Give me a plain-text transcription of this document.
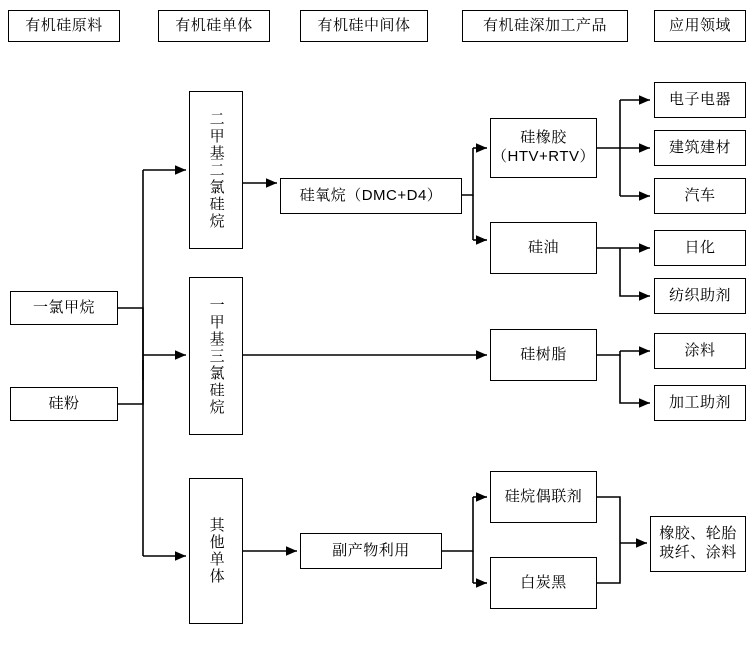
有机硅原料	有机硅单体	有机硅中间体	有机硅深加工产品	应用领域
一氯甲烷
硅粉
二甲基二氯硅烷
一甲基三氯硅烷
其他单体
硅氧烷（DMC+D4）
副产物利用
硅橡胶（HTV+RTV）
硅油
硅树脂
硅烷偶联剂
白炭黑
电子电器
建筑建材
汽车
日化
纺织助剂
涂料
加工助剂
橡胶、轮胎玻纤、涂料
